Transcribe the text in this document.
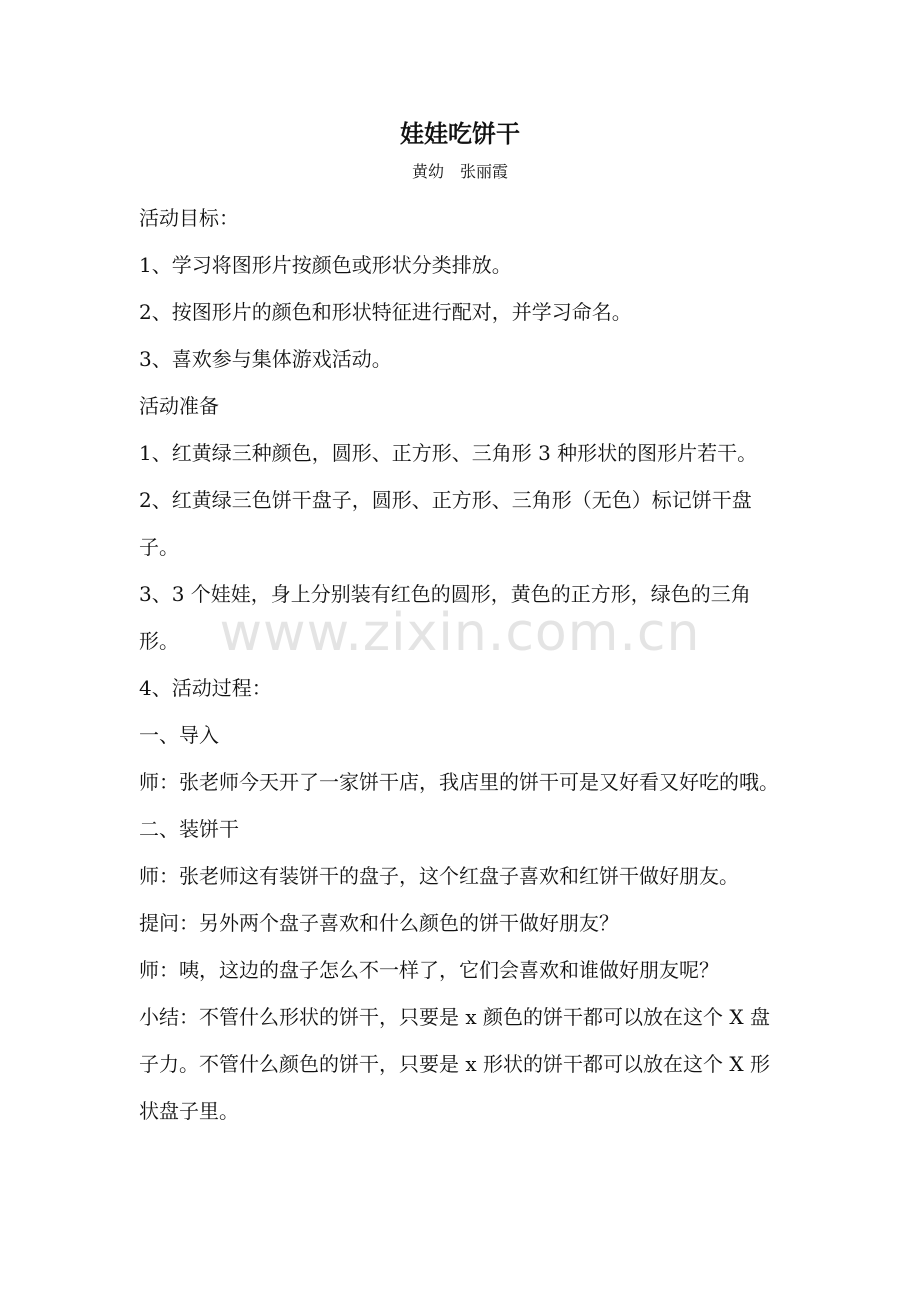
娃娃吃饼干
黄幼　张丽霞

活动目标：

1、学习将图形片按颜色或形状分类排放。

2、按图形片的颜色和形状特征进行配对，并学习命名。

3、喜欢参与集体游戏活动。

活动准备

1、红黄绿三种颜色，圆形、正方形、三角形 3 种形状的图形片若干。

2、红黄绿三色饼干盘子，圆形、正方形、三角形（无色）标记饼干盘子。

3、3 个娃娃，身上分别装有红色的圆形，黄色的正方形，绿色的三角形。

4、活动过程：

一、导入

师：张老师今天开了一家饼干店，我店里的饼干可是又好看又好吃的哦。

二、装饼干

师：张老师这有装饼干的盘子，这个红盘子喜欢和红饼干做好朋友。

提问：另外两个盘子喜欢和什么颜色的饼干做好朋友？

师：咦，这边的盘子怎么不一样了，它们会喜欢和谁做好朋友呢？

小结：不管什么形状的饼干，只要是 x 颜色的饼干都可以放在这个 X 盘子力。不管什么颜色的饼干，只要是 x 形状的饼干都可以放在这个 X 形状盘子里。

www.zixin.com.cn
